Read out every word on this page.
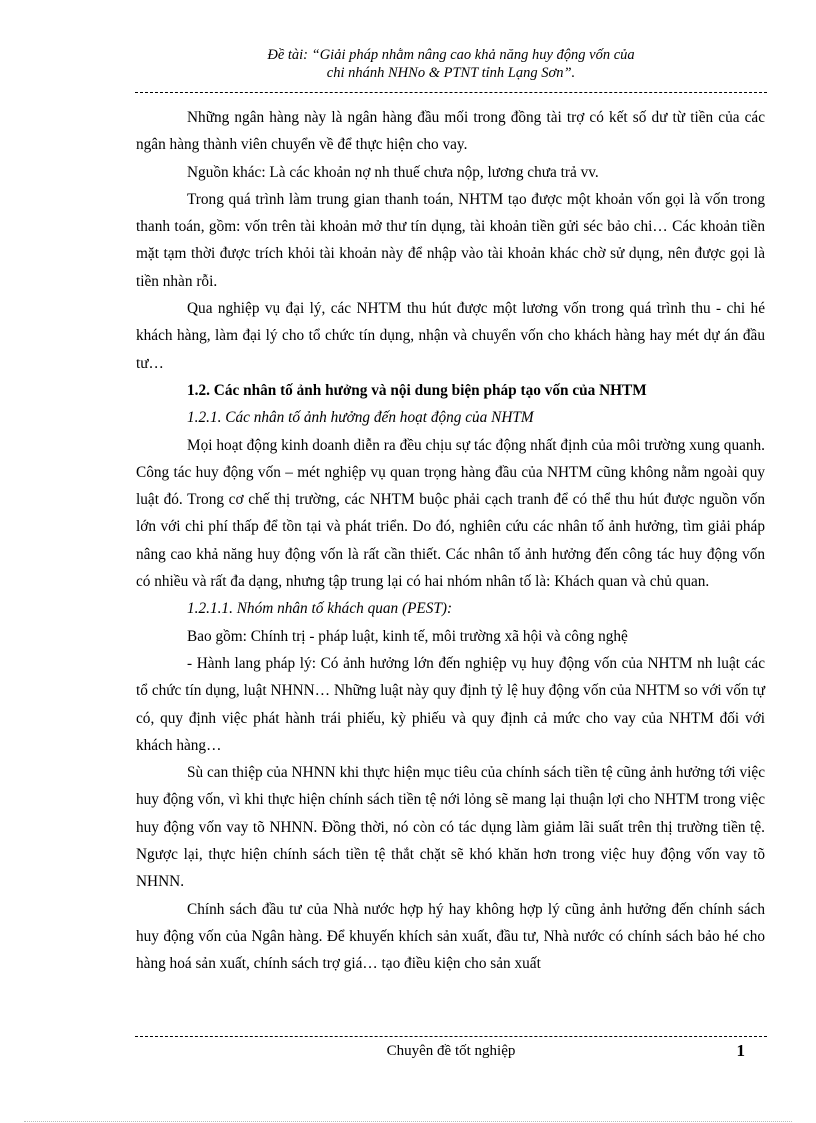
Đề tài: “Giải pháp nhằm nâng cao khả năng huy động vốn của
chi nhánh NHNo & PTNT tỉnh Lạng Sơn”.

Những ngân hàng này là ngân hàng đầu mối trong đồng tài trợ có kết số dư từ tiền của các ngân hàng thành viên chuyển về để thực hiện cho vay.

Nguồn khác: Là các khoản nợ nh thuế chưa nộp, lương chưa trả vv.

Trong quá trình làm trung gian thanh toán, NHTM tạo được một khoản vốn gọi là vốn trong thanh toán, gồm: vốn trên tài khoản mở thư tín dụng, tài khoản tiền gửi séc bảo chi… Các khoản tiền mặt tạm thời được trích khỏi tài khoản này để nhập vào tài khoản khác chờ sử dụng, nên được gọi là tiền nhàn rỗi.

Qua nghiệp vụ đại lý, các NHTM thu hút được một lương vốn trong quá trình thu - chi hé khách hàng, làm đại lý cho tổ chức tín dụng, nhận và chuyển vốn cho khách hàng hay mét dự án đầu tư…

1.2. Các nhân tố ảnh hưởng và nội dung biện pháp tạo vốn của NHTM

1.2.1. Các nhân tố ảnh hưởng đến hoạt động của NHTM

Mọi hoạt động kinh doanh diễn ra đều chịu sự tác động nhất định của môi trường xung quanh. Công tác huy động vốn – mét nghiệp vụ quan trọng hàng đầu của NHTM cũng không nằm ngoài quy luật đó. Trong cơ chế thị trường, các NHTM buộc phải cạch tranh để có thể thu hút được nguồn vốn lớn với chi phí thấp để tồn tại và phát triển. Do đó, nghiên cứu các nhân tố ảnh hưởng, tìm giải pháp nâng cao khả năng huy động vốn là rất cần thiết. Các nhân tố ảnh hưởng đến công tác huy động vốn có nhiều và rất đa dạng, nhưng tập trung lại có hai nhóm nhân tố là: Khách quan và chủ quan.

1.2.1.1. Nhóm nhân tố khách quan (PEST):

Bao gồm: Chính trị - pháp luật, kinh tế, môi trường xã hội và công nghệ

- Hành lang pháp lý: Có ảnh hưởng lớn đến nghiệp vụ huy động vốn của NHTM nh luật các tổ chức tín dụng, luật NHNN… Những luật này quy định tỷ lệ huy động vốn của NHTM so với vốn tự có, quy định việc phát hành trái phiếu, kỳ phiếu và quy định cả mức cho vay của NHTM đối với khách hàng…

Sù can thiệp của NHNN khi thực hiện mục tiêu của chính sách tiền tệ cũng ảnh hưởng tới việc huy động vốn, vì khi thực hiện chính sách tiền tệ nới lỏng sẽ mang lại thuận lợi cho NHTM trong việc huy động vốn vay tõ NHNN. Đồng thời, nó còn có tác dụng làm giảm lãi suất trên thị trường tiền tệ. Ngược lại, thực hiện chính sách tiền tệ thắt chặt sẽ khó khăn hơn trong việc huy động vốn vay tõ NHNN.

Chính sách đầu tư của Nhà nước hợp hý hay không hợp lý cũng ảnh hưởng đến chính sách huy động vốn của Ngân hàng. Để khuyến khích sản xuất, đầu tư, Nhà nước có chính sách bảo hé cho hàng hoá sản xuất, chính sách trợ giá… tạo điều kiện cho sản xuất

Chuyên đề tốt nghiệp	1
